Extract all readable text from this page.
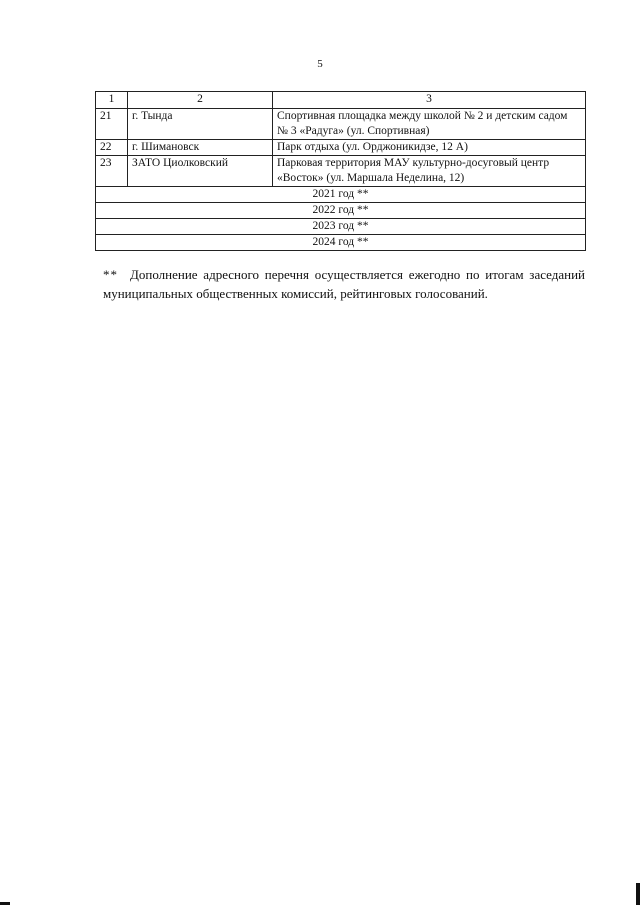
5
1	2	3
21	г. Тында	Спортивная площадка между школой № 2 и детским садом № 3 «Радуга» (ул. Спортивная)
22	г. Шимановск	Парк отдыха (ул. Орджоникидзе, 12 А)
23	ЗАТО Циолковский	Парковая территория МАУ культурно-досуговый центр «Восток» (ул. Маршала Неделина, 12)
2021 год **		
2022 год **		
2023 год **		
2024 год **		
** Дополнение адресного перечня осуществляется ежегодно по итогам заседаний муниципальных общественных комиссий, рейтинговых голосований.
